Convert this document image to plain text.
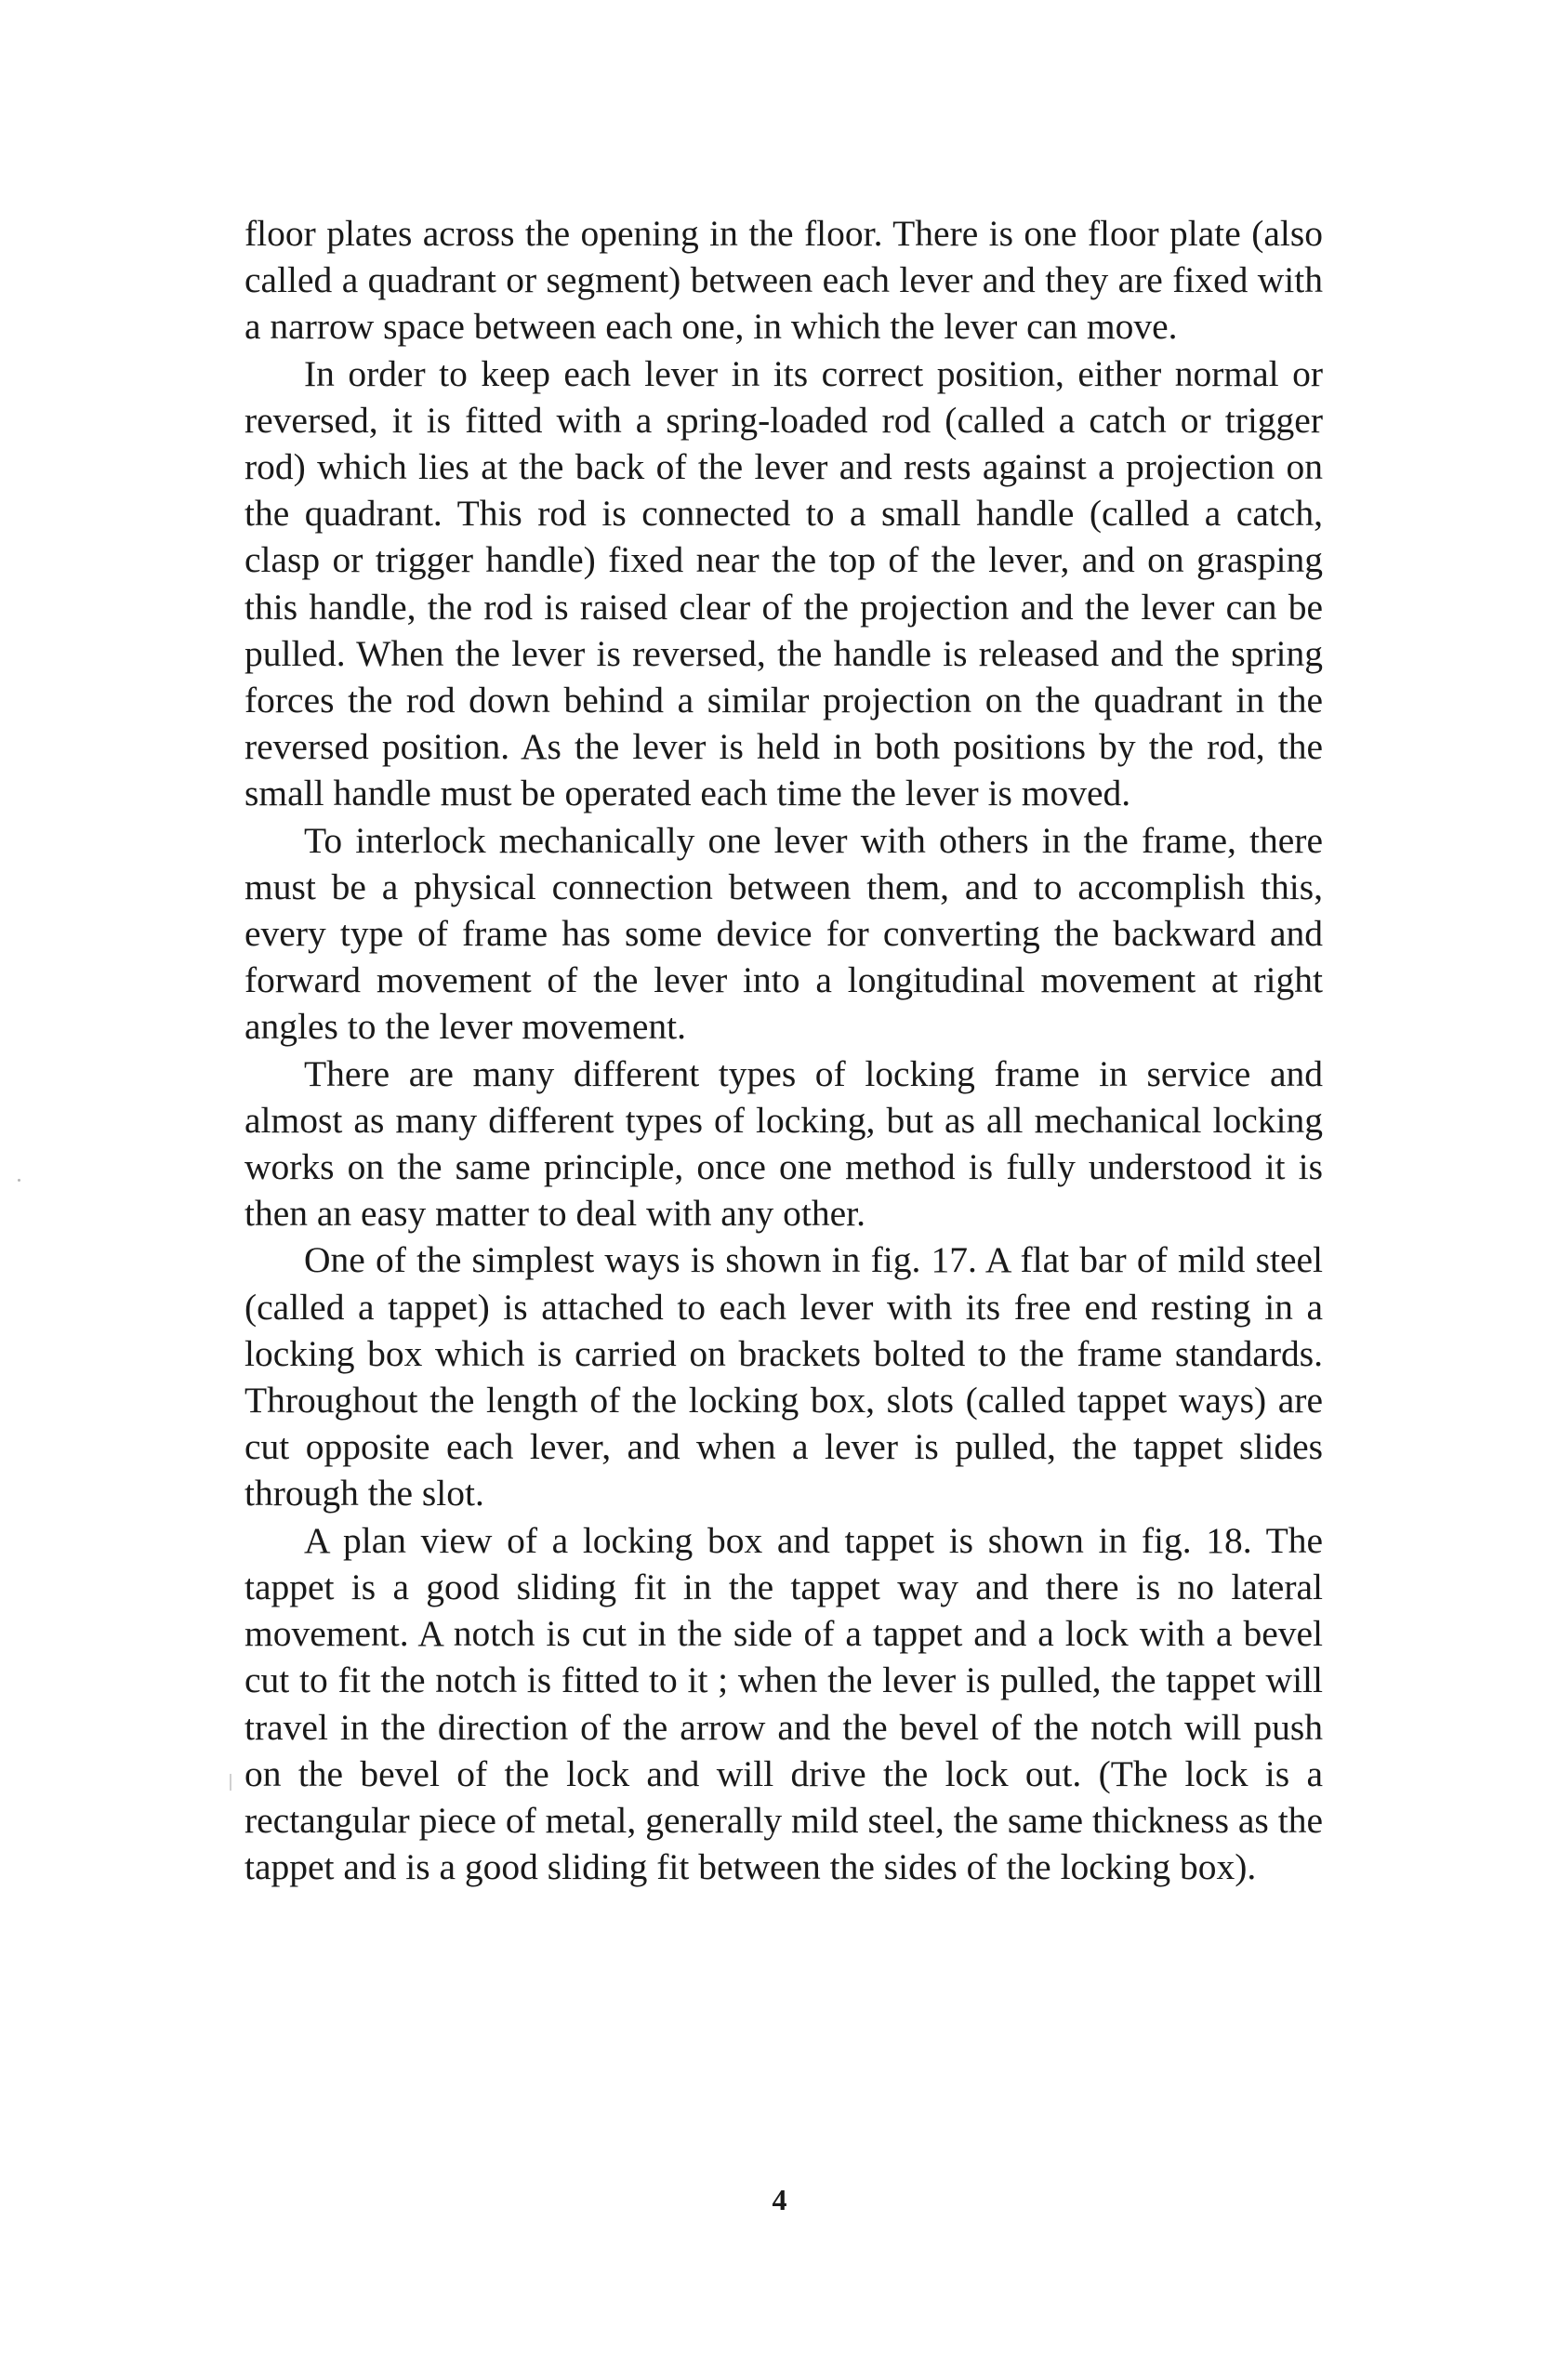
floor plates across the opening in the floor. There is one floor plate (also called a quadrant or segment) between each lever and they are fixed with a narrow space between each one, in which the lever can move.

In order to keep each lever in its correct position, either normal or reversed, it is fitted with a spring-loaded rod (called a catch or trigger rod) which lies at the back of the lever and rests against a projection on the quadrant. This rod is connected to a small handle (called a catch, clasp or trigger handle) fixed near the top of the lever, and on grasping this handle, the rod is raised clear of the projection and the lever can be pulled. When the lever is reversed, the handle is released and the spring forces the rod down behind a similar projection on the quadrant in the reversed position. As the lever is held in both positions by the rod, the small handle must be operated each time the lever is moved.

To interlock mechanically one lever with others in the frame, there must be a physical connection between them, and to accomplish this, every type of frame has some device for converting the backward and forward movement of the lever into a longitudinal movement at right angles to the lever movement.

There are many different types of locking frame in service and almost as many different types of locking, but as all mechanical locking works on the same principle, once one method is fully understood it is then an easy matter to deal with any other.

One of the simplest ways is shown in fig. 17. A flat bar of mild steel (called a tappet) is attached to each lever with its free end resting in a locking box which is carried on brackets bolted to the frame standards. Throughout the length of the locking box, slots (called tappet ways) are cut opposite each lever, and when a lever is pulled, the tappet slides through the slot.

A plan view of a locking box and tappet is shown in fig. 18. The tappet is a good sliding fit in the tappet way and there is no lateral movement. A notch is cut in the side of a tappet and a lock with a bevel cut to fit the notch is fitted to it ; when the lever is pulled, the tappet will travel in the direction of the arrow and the bevel of the notch will push on the bevel of the lock and will drive the lock out. (The lock is a rectangular piece of metal, generally mild steel, the same thickness as the tappet and is a good sliding fit between the sides of the locking box).

4
